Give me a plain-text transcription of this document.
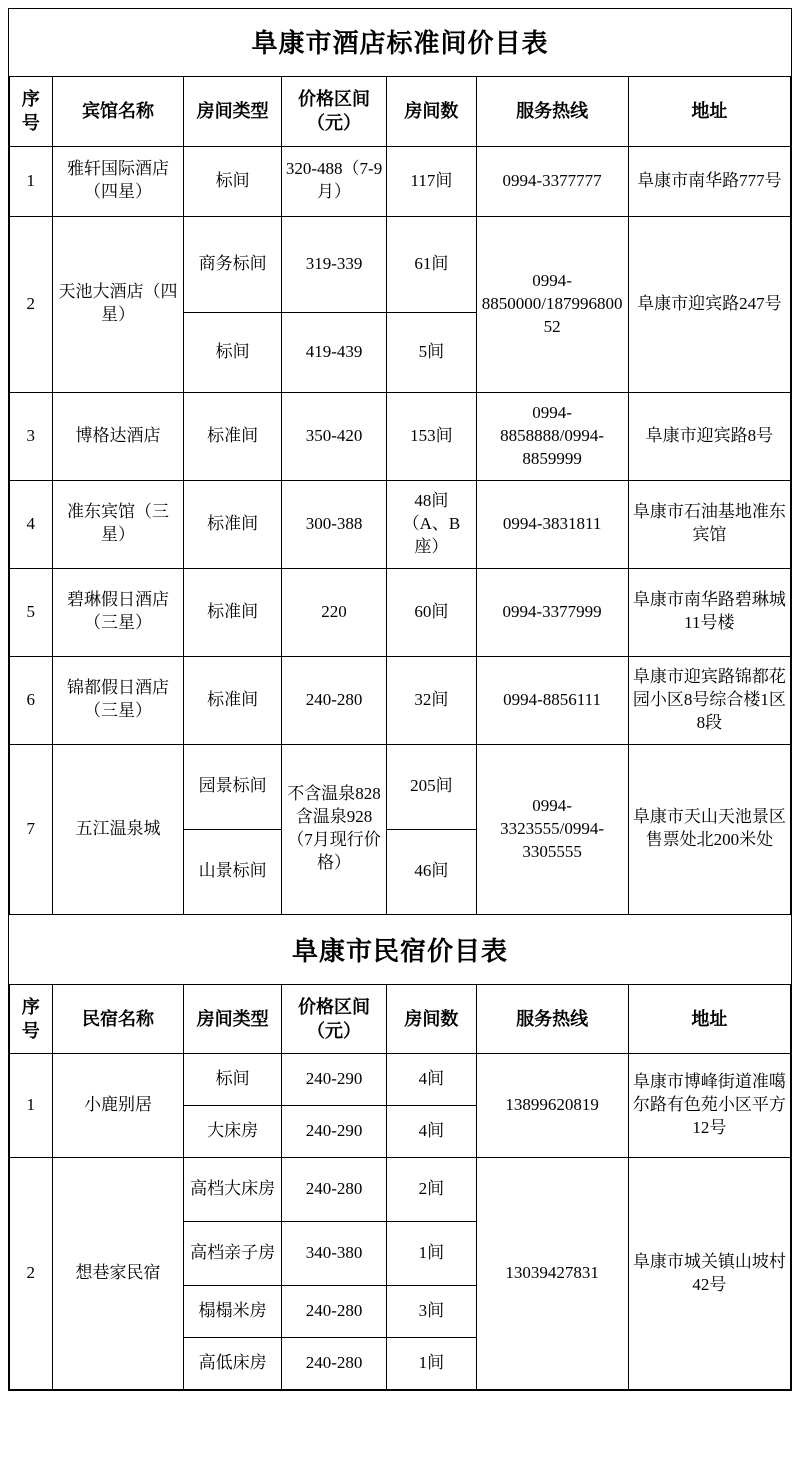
阜康市酒店标准间价目表
序号	宾馆名称	房间类型	价格区间（元）	房间数	服务热线	地址
1	雅轩国际酒店（四星）	标间	320-488（7-9月）	117间	0994-3377777	阜康市南华路777号
2	天池大酒店（四星）	商务标间	319-339	61间	0994-8850000/18799680052	阜康市迎宾路247号
		标间	419-439	5间		
3	博格达酒店	标准间	350-420	153间	0994-8858888/0994-8859999	阜康市迎宾路8号
4	准东宾馆（三星）	标准间	300-388	48间（A、B座）	0994-3831811	阜康市石油基地准东宾馆
5	碧琳假日酒店（三星）	标准间	220	60间	0994-3377999	阜康市南华路碧琳城11号楼
6	锦都假日酒店（三星）	标准间	240-280	32间	0994-8856111	阜康市迎宾路锦都花园小区8号综合楼1区8段
7	五江温泉城	园景标间	不含温泉828含温泉928（7月现行价格）	205间	0994-3323555/0994-3305555	阜康市天山天池景区售票处北200米处
		山景标间		46间		
阜康市民宿价目表
序号	民宿名称	房间类型	价格区间（元）	房间数	服务热线	地址
1	小鹿别居	标间	240-290	4间	13899620819	阜康市博峰街道准噶尔路有色苑小区平方12号
		大床房	240-290	4间		
2	想巷家民宿	高档大床房	240-280	2间	13039427831	阜康市城关镇山坡村42号
		高档亲子房	340-380	1间		
		榻榻米房	240-280	3间		
		高低床房	240-280	1间		
